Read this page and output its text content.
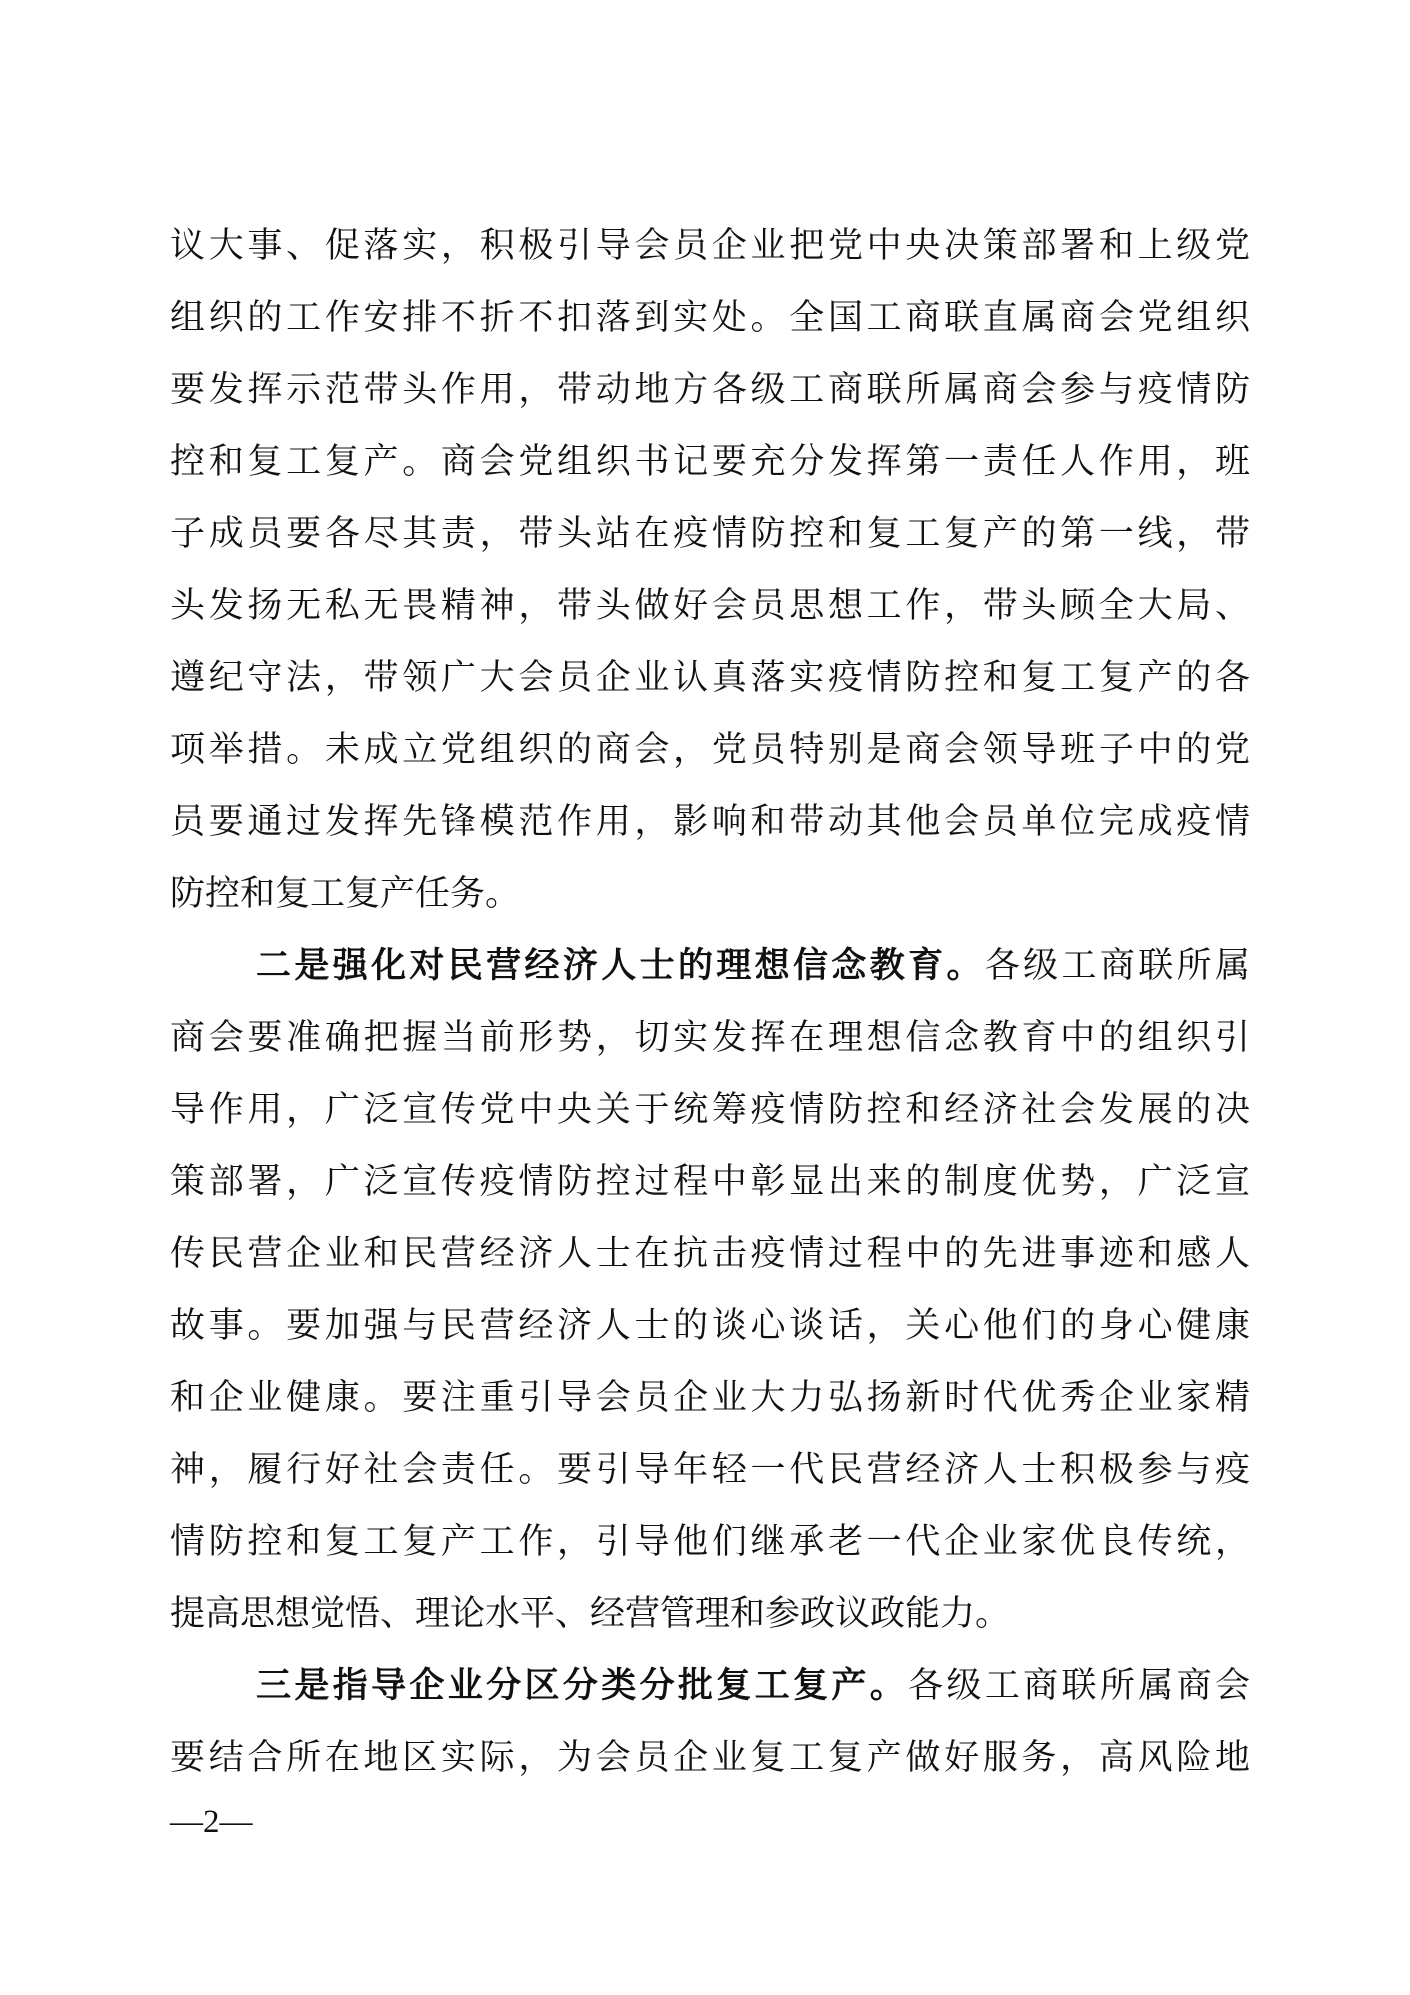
议大事、促落实，积极引导会员企业把党中央决策部署和上级党
组织的工作安排不折不扣落到实处。全国工商联直属商会党组织
要发挥示范带头作用，带动地方各级工商联所属商会参与疫情防
控和复工复产。商会党组织书记要充分发挥第一责任人作用，班
子成员要各尽其责，带头站在疫情防控和复工复产的第一线，带
头发扬无私无畏精神，带头做好会员思想工作，带头顾全大局、
遵纪守法，带领广大会员企业认真落实疫情防控和复工复产的各
项举措。未成立党组织的商会，党员特别是商会领导班子中的党
员要通过发挥先锋模范作用，影响和带动其他会员单位完成疫情
防控和复工复产任务。
二是强化对民营经济人士的理想信念教育。各级工商联所属
商会要准确把握当前形势，切实发挥在理想信念教育中的组织引
导作用，广泛宣传党中央关于统筹疫情防控和经济社会发展的决
策部署，广泛宣传疫情防控过程中彰显出来的制度优势，广泛宣
传民营企业和民营经济人士在抗击疫情过程中的先进事迹和感人
故事。要加强与民营经济人士的谈心谈话，关心他们的身心健康
和企业健康。要注重引导会员企业大力弘扬新时代优秀企业家精
神，履行好社会责任。要引导年轻一代民营经济人士积极参与疫
情防控和复工复产工作，引导他们继承老一代企业家优良传统，
提高思想觉悟、理论水平、经营管理和参政议政能力。
三是指导企业分区分类分批复工复产。各级工商联所属商会
要结合所在地区实际，为会员企业复工复产做好服务，高风险地
—2—
